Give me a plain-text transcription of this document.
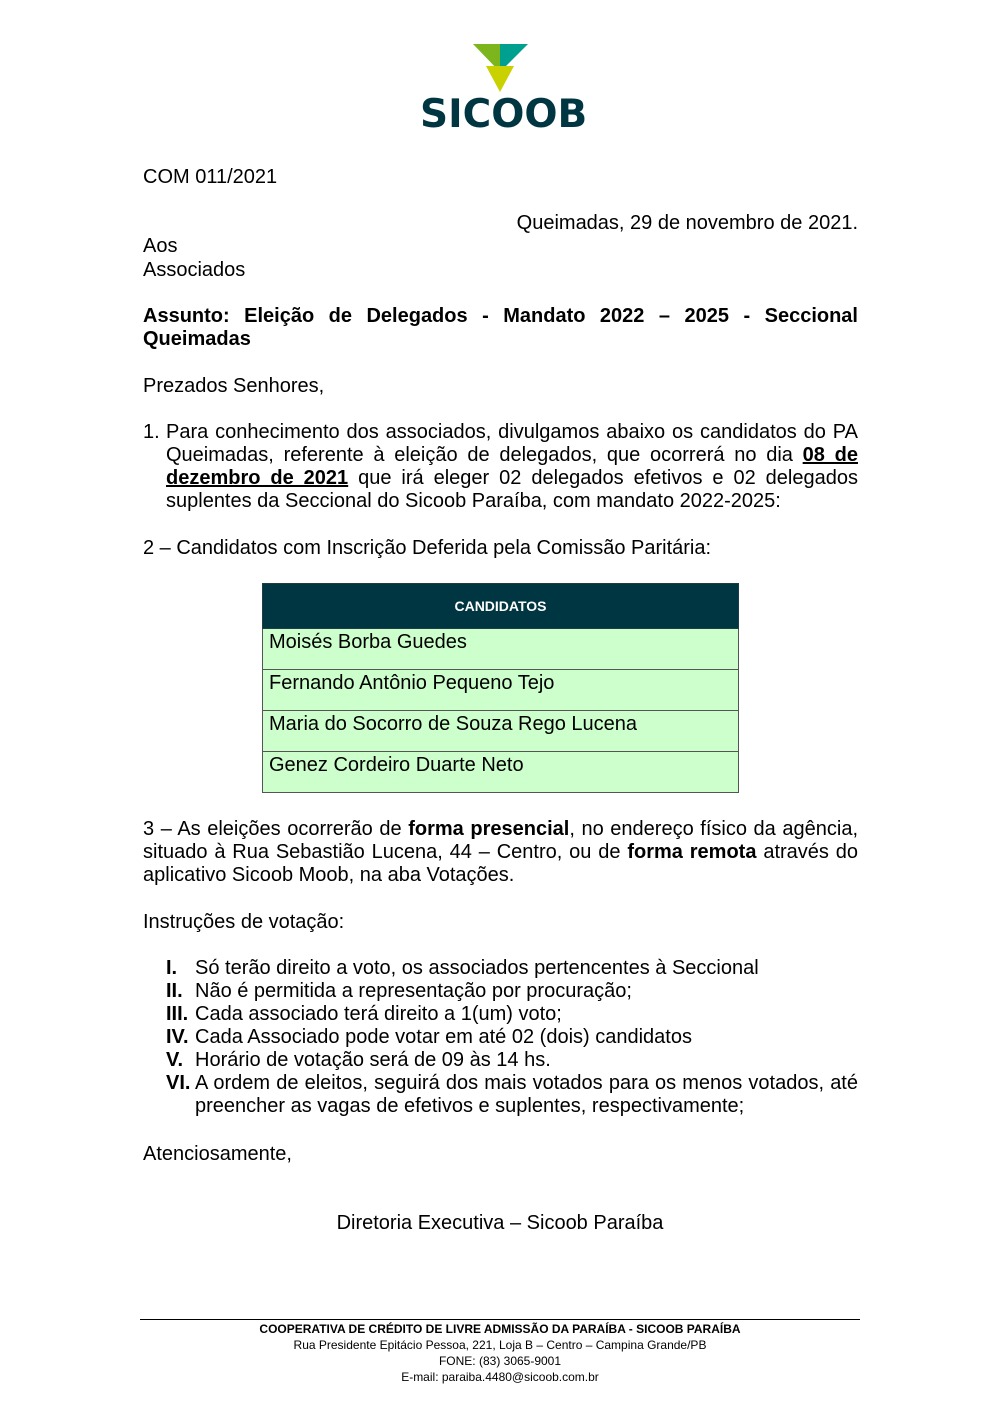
SICOOB
COM 011/2021
Queimadas, 29 de novembro de 2021.
Aos
Associados
Assunto: Eleição de Delegados - Mandato 2022 – 2025 - Seccional Queimadas
Prezados Senhores,
1. Para conhecimento dos associados, divulgamos abaixo os candidatos do PA Queimadas, referente à eleição de delegados, que ocorrerá no dia 08 de dezembro de 2021 que irá eleger 02 delegados efetivos e 02 delegados suplentes da Seccional do Sicoob Paraíba, com mandato 2022-2025:
2 – Candidatos com Inscrição Deferida pela Comissão Paritária:
CANDIDATOS
Moisés Borba Guedes
Fernando Antônio Pequeno Tejo
Maria do Socorro de Souza Rego Lucena
Genez Cordeiro Duarte Neto
3 – As eleições ocorrerão de forma presencial, no endereço físico da agência, situado à Rua Sebastião Lucena, 44 – Centro, ou de forma remota através do aplicativo Sicoob Moob, na aba Votações.
Instruções de votação:
I. Só terão direito a voto, os associados pertencentes à Seccional
II. Não é permitida a representação por procuração;
III. Cada associado terá direito a 1(um) voto;
IV. Cada Associado pode votar em até 02 (dois) candidatos
V. Horário de votação será de 09 às 14 hs.
VI. A ordem de eleitos, seguirá dos mais votados para os menos votados, até preencher as vagas de efetivos e suplentes, respectivamente;
Atenciosamente,
Diretoria Executiva – Sicoob Paraíba
COOPERATIVA DE CRÉDITO DE LIVRE ADMISSÃO DA PARAÍBA - SICOOB PARAÍBA
Rua Presidente Epitácio Pessoa, 221, Loja B – Centro – Campina Grande/PB
FONE: (83) 3065-9001
E-mail: paraiba.4480@sicoob.com.br
